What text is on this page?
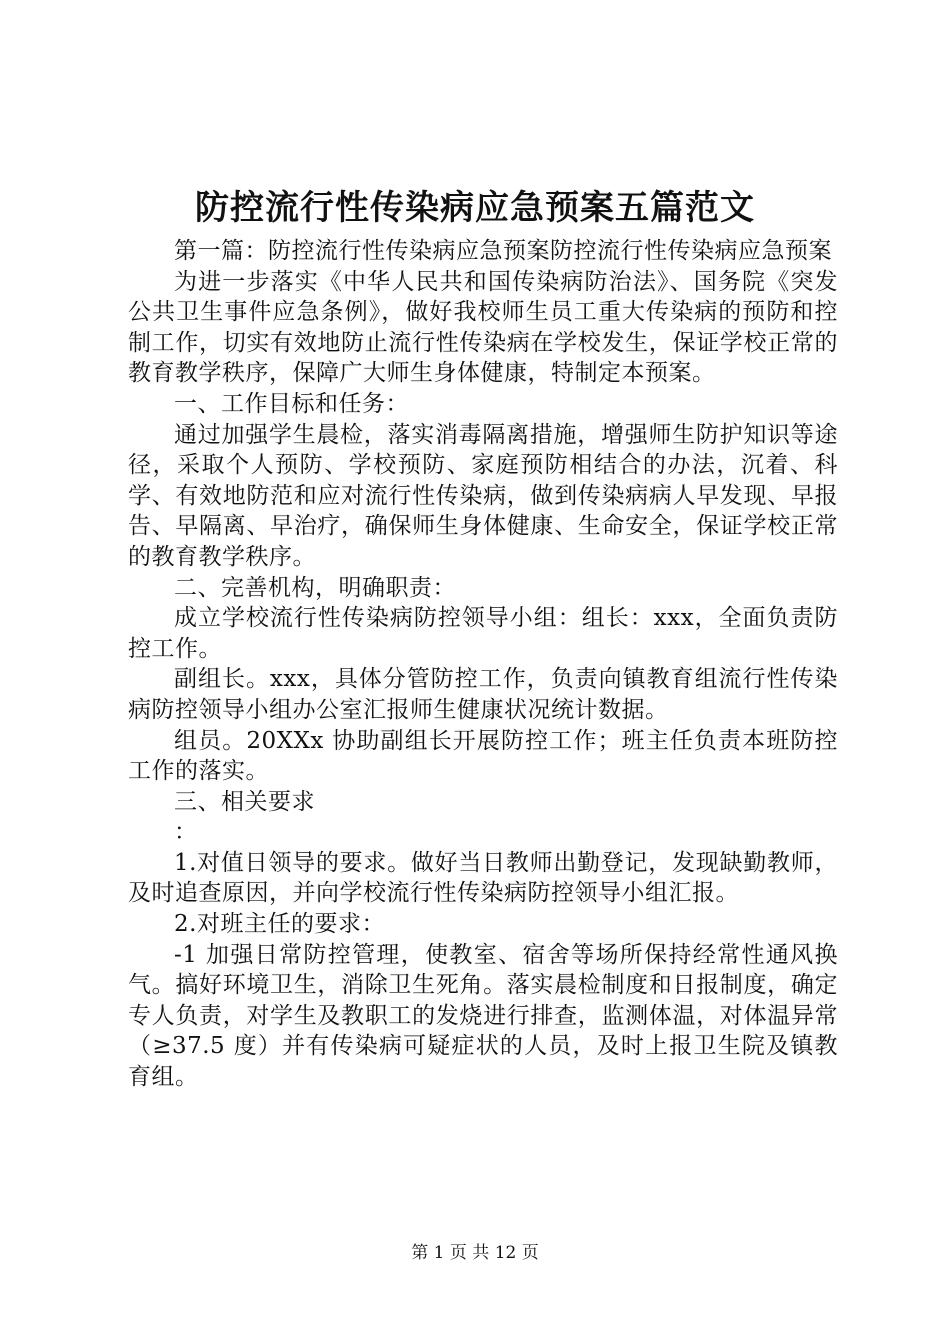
防控流行性传染病应急预案五篇范文

第一篇：防控流行性传染病应急预案防控流行性传染病应急预案

为进一步落实《中华人民共和国传染病防治法》、国务院《突发公共卫生事件应急条例》，做好我校师生员工重大传染病的预防和控制工作，切实有效地防止流行性传染病在学校发生，保证学校正常的教育教学秩序，保障广大师生身体健康，特制定本预案。

一、工作目标和任务：

通过加强学生晨检，落实消毒隔离措施，增强师生防护知识等途径，采取个人预防、学校预防、家庭预防相结合的办法，沉着、科学、有效地防范和应对流行性传染病，做到传染病病人早发现、早报告、早隔离、早治疗，确保师生身体健康、生命安全，保证学校正常的教育教学秩序。

二、完善机构，明确职责：

成立学校流行性传染病防控领导小组：组长：xxx，全面负责防控工作。

副组长。xxx，具体分管防控工作，负责向镇教育组流行性传染病防控领导小组办公室汇报师生健康状况统计数据。

组员。20XXx 协助副组长开展防控工作；班主任负责本班防控工作的落实。

三、相关要求

：

1.对值日领导的要求。做好当日教师出勤登记，发现缺勤教师，及时追查原因，并向学校流行性传染病防控领导小组汇报。

2.对班主任的要求：

-1 加强日常防控管理，使教室、宿舍等场所保持经常性通风换气。搞好环境卫生，消除卫生死角。落实晨检制度和日报制度，确定专人负责，对学生及教职工的发烧进行排查，监测体温，对体温异常（≥37.5 度）并有传染病可疑症状的人员，及时上报卫生院及镇教育组。

第 1 页 共 12 页
